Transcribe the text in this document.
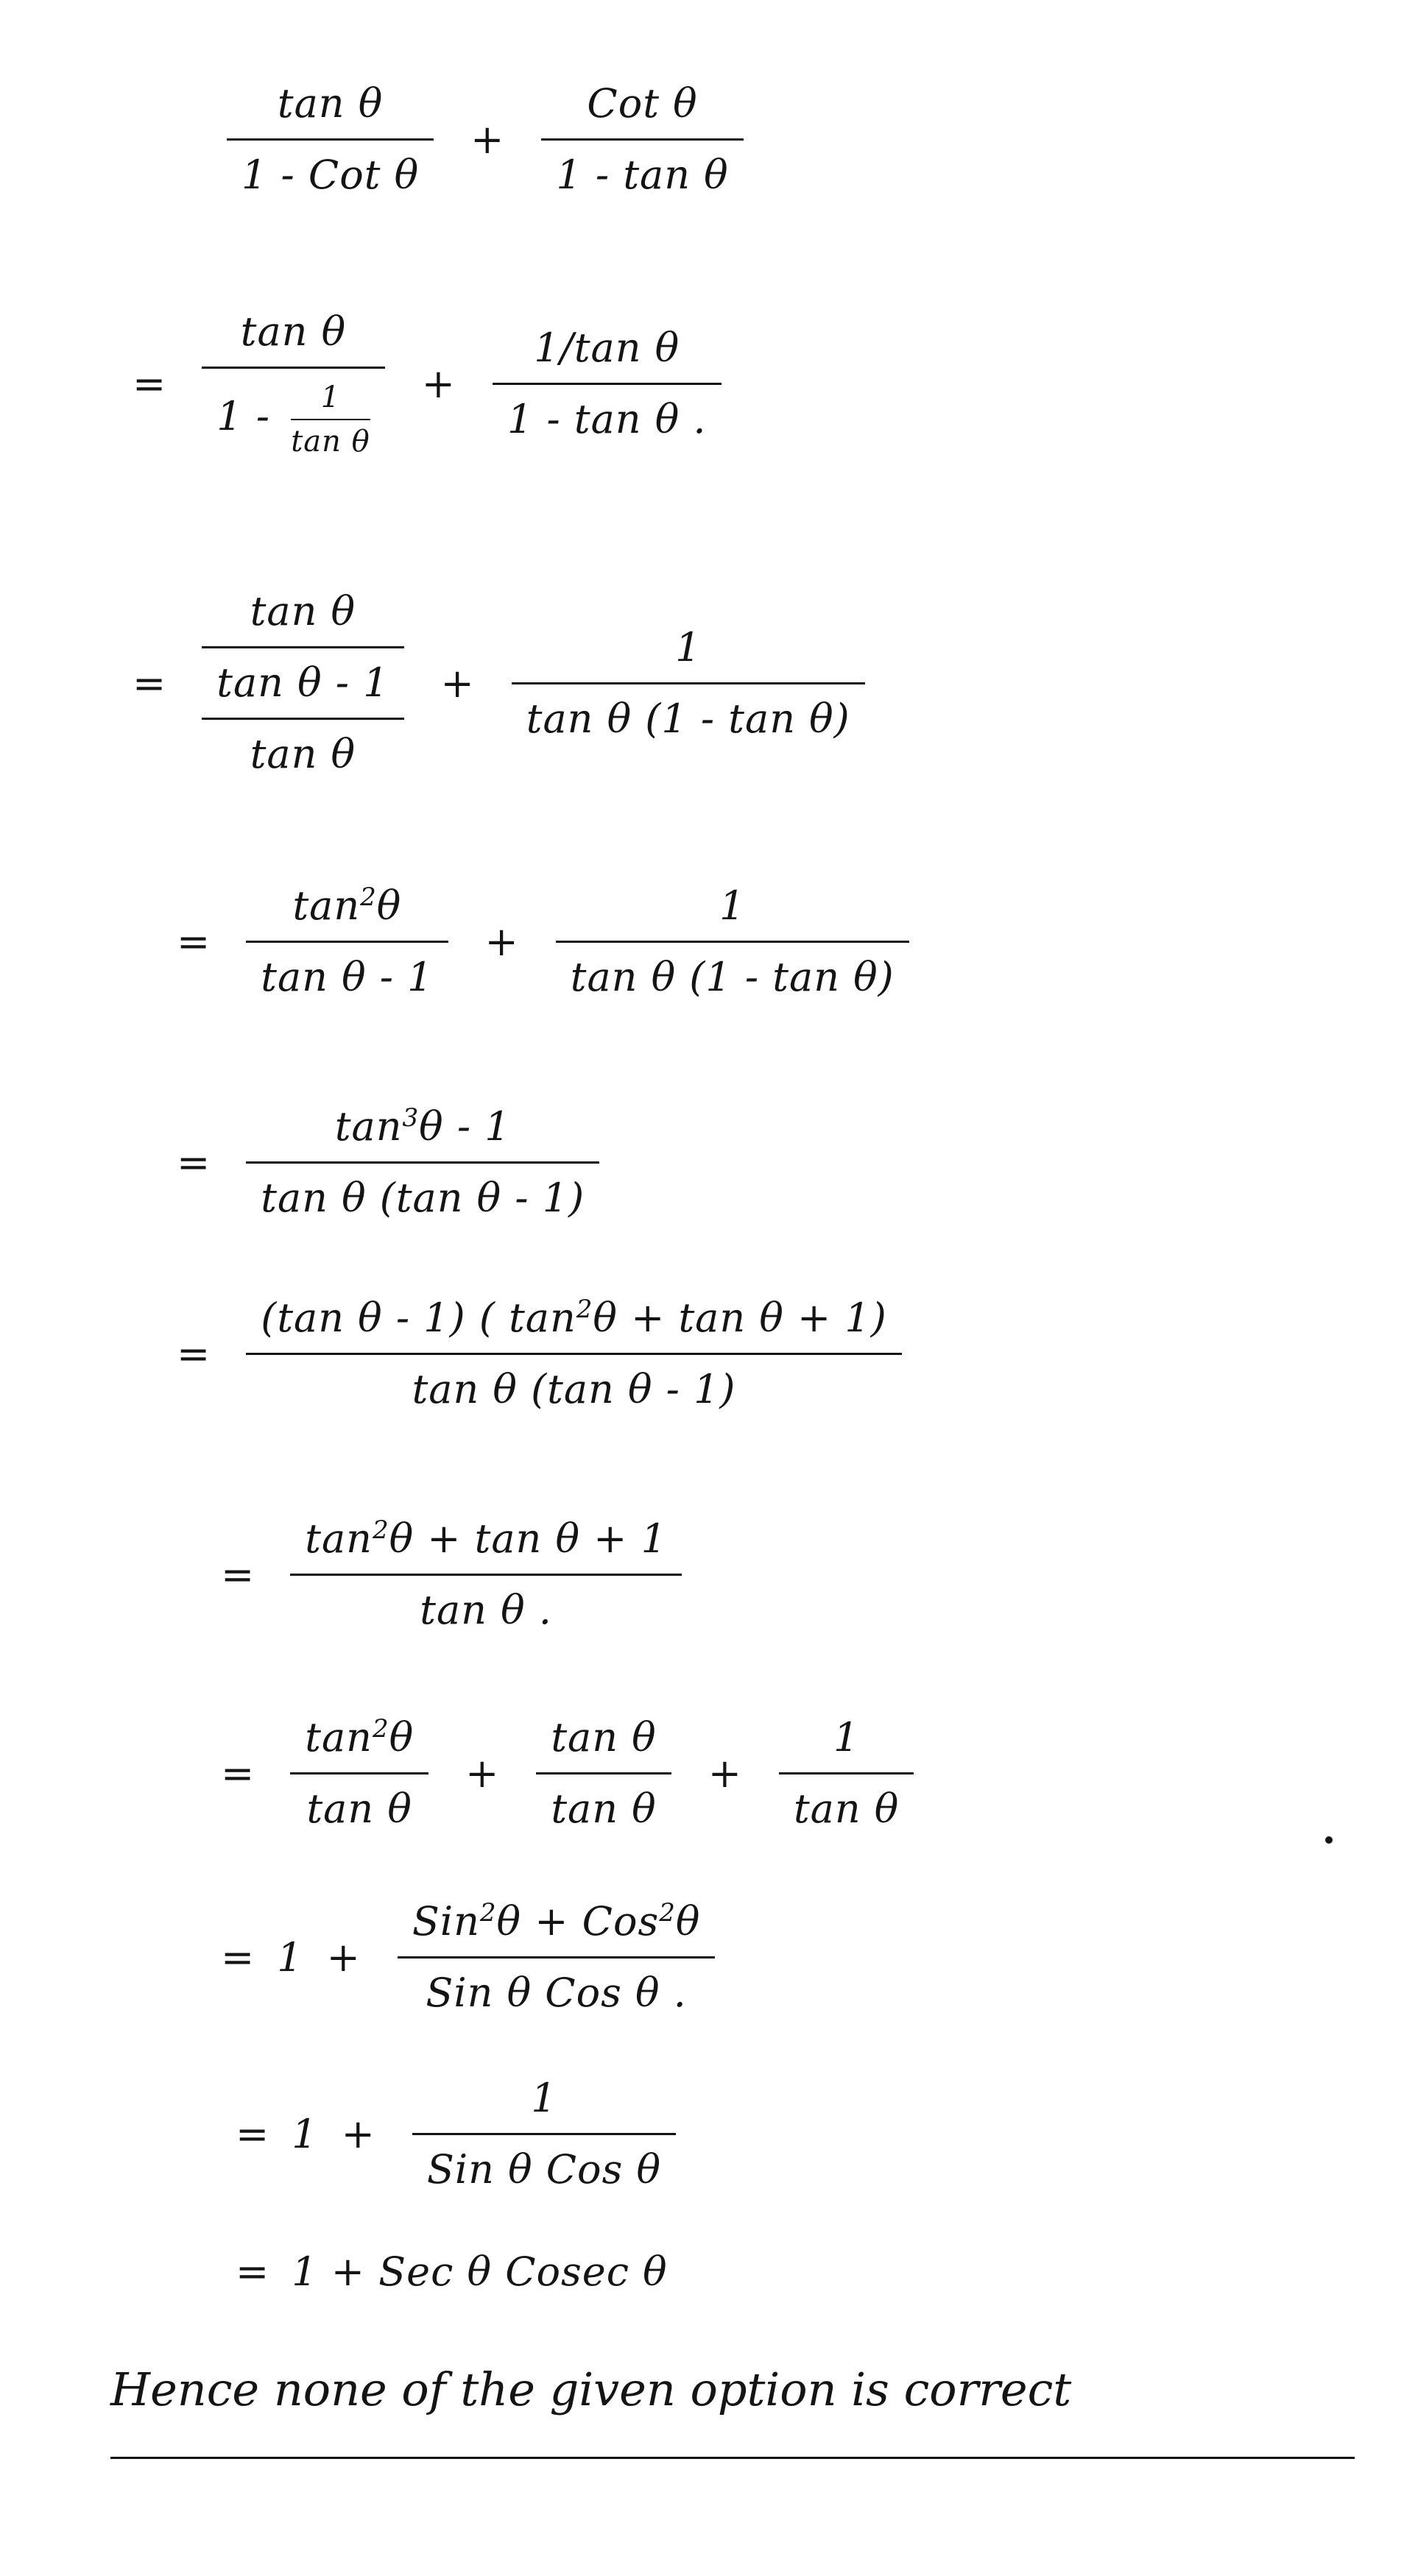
$\frac{\text{tan θ}}{\text{1 - Cot θ}} + \frac{\text{Cot θ}}{\text{1 - tan θ}}$
= $\frac{\text{tan θ}}{1 - \frac{1}{\text{tan θ}}} + \frac{\text{1/tan θ}}{\text{1 - tan θ .}}$
=
tan θ
tan θ - 1
tan θ
+ $\frac{1}{\text{tan θ (1 - tan θ)}}$
= $\frac{\tan^2\theta}{\text{tan θ - 1}} + \frac{1}{\text{tan θ (1 - tan θ)}}$
= $\frac{\tan^3\theta - 1}{\text{tan θ (tan θ - 1)}}$
= $\frac{(\tan \theta - 1) ( \tan^2\theta + \tan \theta + 1)}{\text{tan θ (tan θ - 1)}}$
= $\frac{\tan^2\theta + \tan \theta + 1}{\text{tan θ .}}$
= $\frac{\tan^2\theta}{\text{tan θ}} + \frac{\text{tan θ}}{\text{tan θ}} + \frac{1}{\text{tan θ}}$
= $1 + \frac{Sin^2\theta + Cos^2\theta}{\text{Sin θ Cos θ .}}$
= $1 + \frac{1}{\text{Sin θ Cos θ}}$
= 1 + Sec θ Cosec θ
Hence none of the given option is correct
